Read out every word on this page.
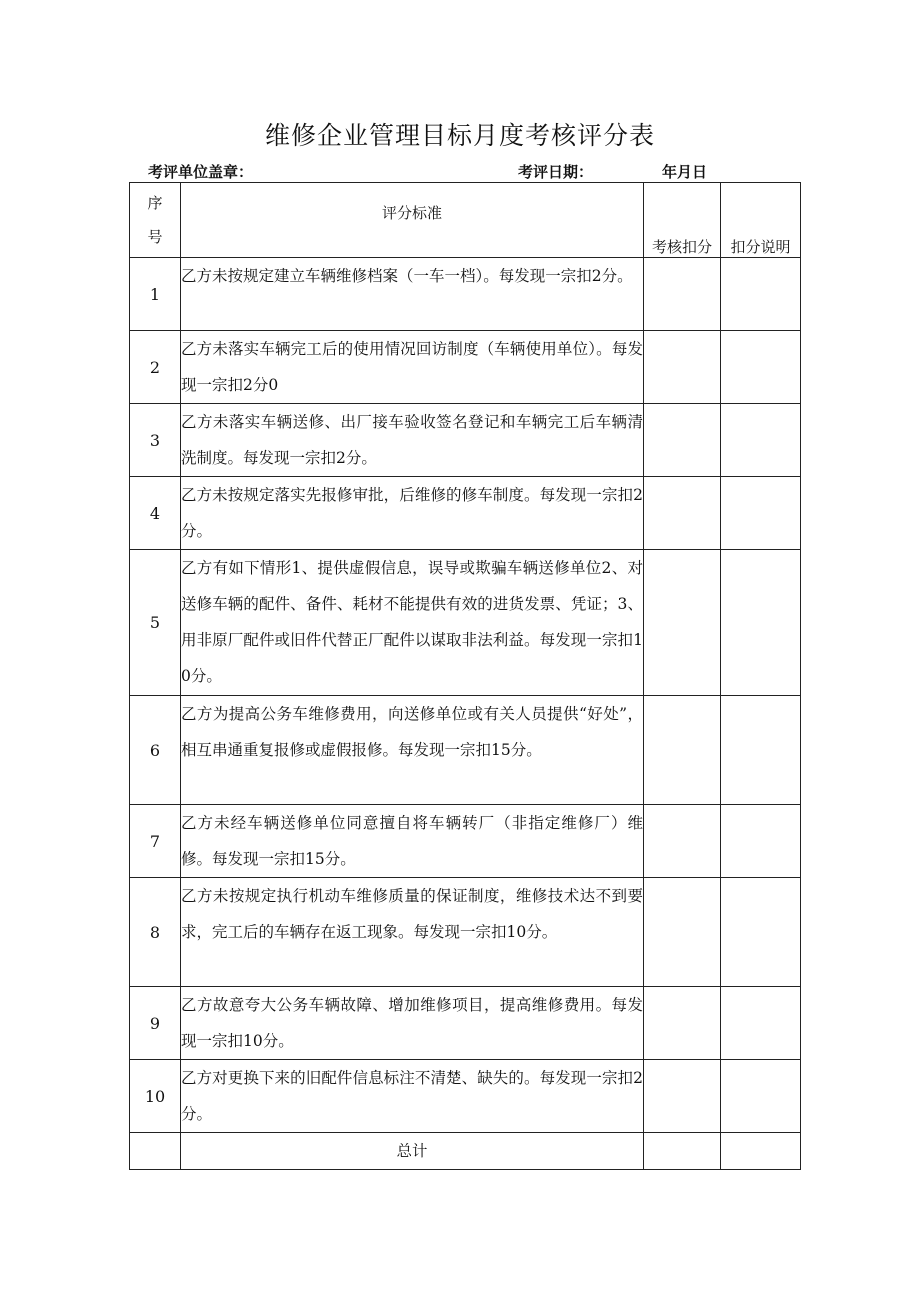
维修企业管理目标月度考核评分表
考评单位盖章：	考评日期：	年月日
序
号	评分标准	考核扣分	扣分说明
1	乙方未按规定建立车辆维修档案（一车一档）。每发现一宗扣2分。		
2	乙方未落实车辆完工后的使用情况回访制度（车辆使用单位）。每发现一宗扣2分0		
3	乙方未落实车辆送修、出厂接车验收签名登记和车辆完工后车辆清洗制度。每发现一宗扣2分。		
4	乙方未按规定落实先报修审批，后维修的修车制度。每发现一宗扣2分。		
5	乙方有如下情形1、提供虚假信息，误导或欺骗车辆送修单位2、对送修车辆的配件、备件、耗材不能提供有效的进货发票、凭证；3、用非原厂配件或旧件代替正厂配件以谋取非法利益。每发现一宗扣10分。		
6	乙方为提高公务车维修费用，向送修单位或有关人员提供“好处”，相互串通重复报修或虚假报修。每发现一宗扣15分。		
7	乙方未经车辆送修单位同意擅自将车辆转厂（非指定维修厂）维修。每发现一宗扣15分。		
8	乙方未按规定执行机动车维修质量的保证制度，维修技术达不到要求，完工后的车辆存在返工现象。每发现一宗扣10分。		
9	乙方故意夸大公务车辆故障、增加维修项目，提高维修费用。每发现一宗扣10分。		
10	乙方对更换下来的旧配件信息标注不清楚、缺失的。每发现一宗扣2分。		
	总计		
